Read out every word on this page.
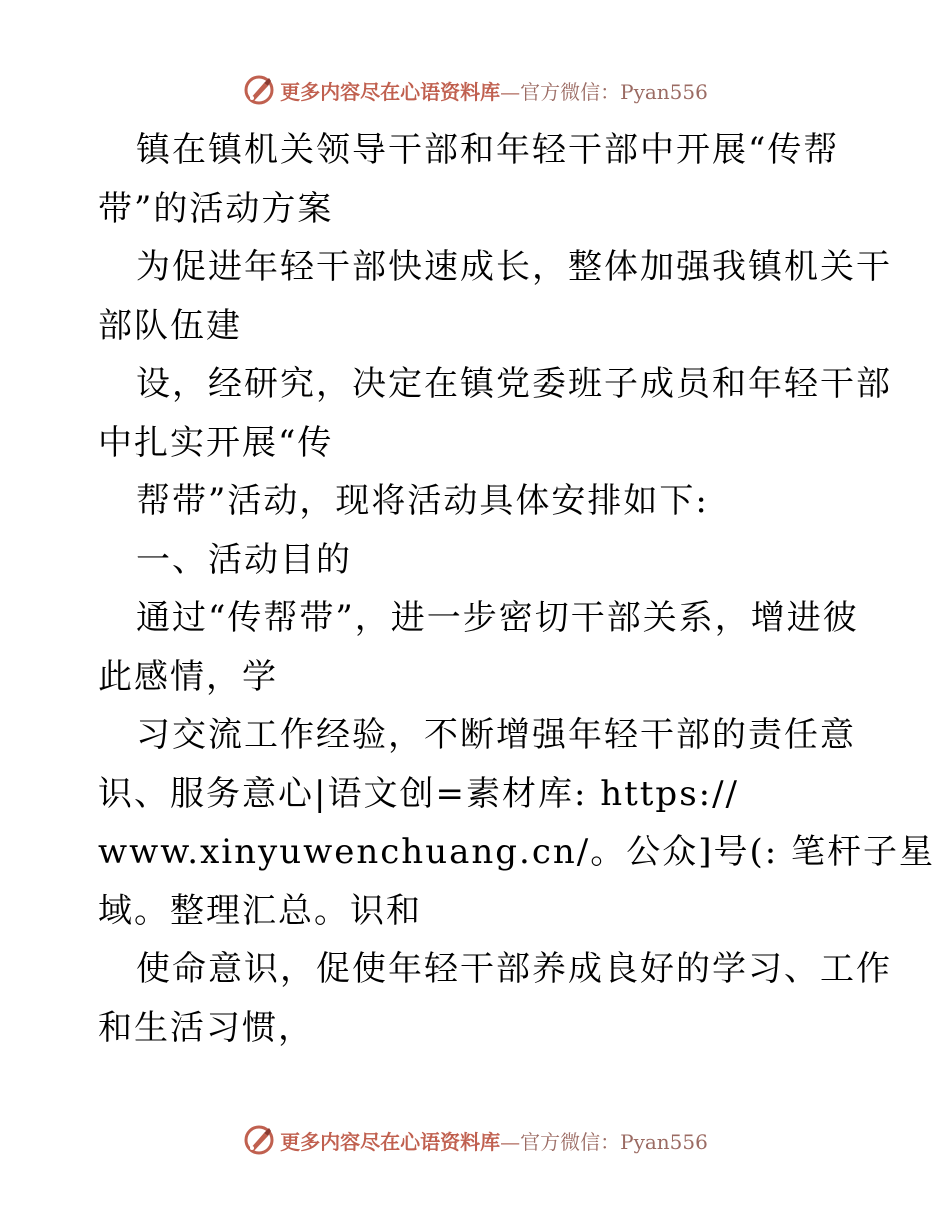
更多内容尽在心语资料库—官方微信：Pyan556
镇在镇机关领导干部和年轻干部中开展“传帮
带”的活动方案
为促进年轻干部快速成长，整体加强我镇机关干
部队伍建
设，经研究，决定在镇党委班子成员和年轻干部
中扎实开展“传
帮带”活动，现将活动具体安排如下:
一、活动目的
通过“传帮带”，进一步密切干部关系，增进彼
此感情，学
习交流工作经验，不断增强年轻干部的责任意
识、服务意心|语文创=素材库: https://
www.xinyuwenchuang.cn/。公众]号(: 笔杆子星
域。整理汇总。识和
使命意识，促使年轻干部养成良好的学习、工作
和生活习惯，
更多内容尽在心语资料库—官方微信：Pyan556
